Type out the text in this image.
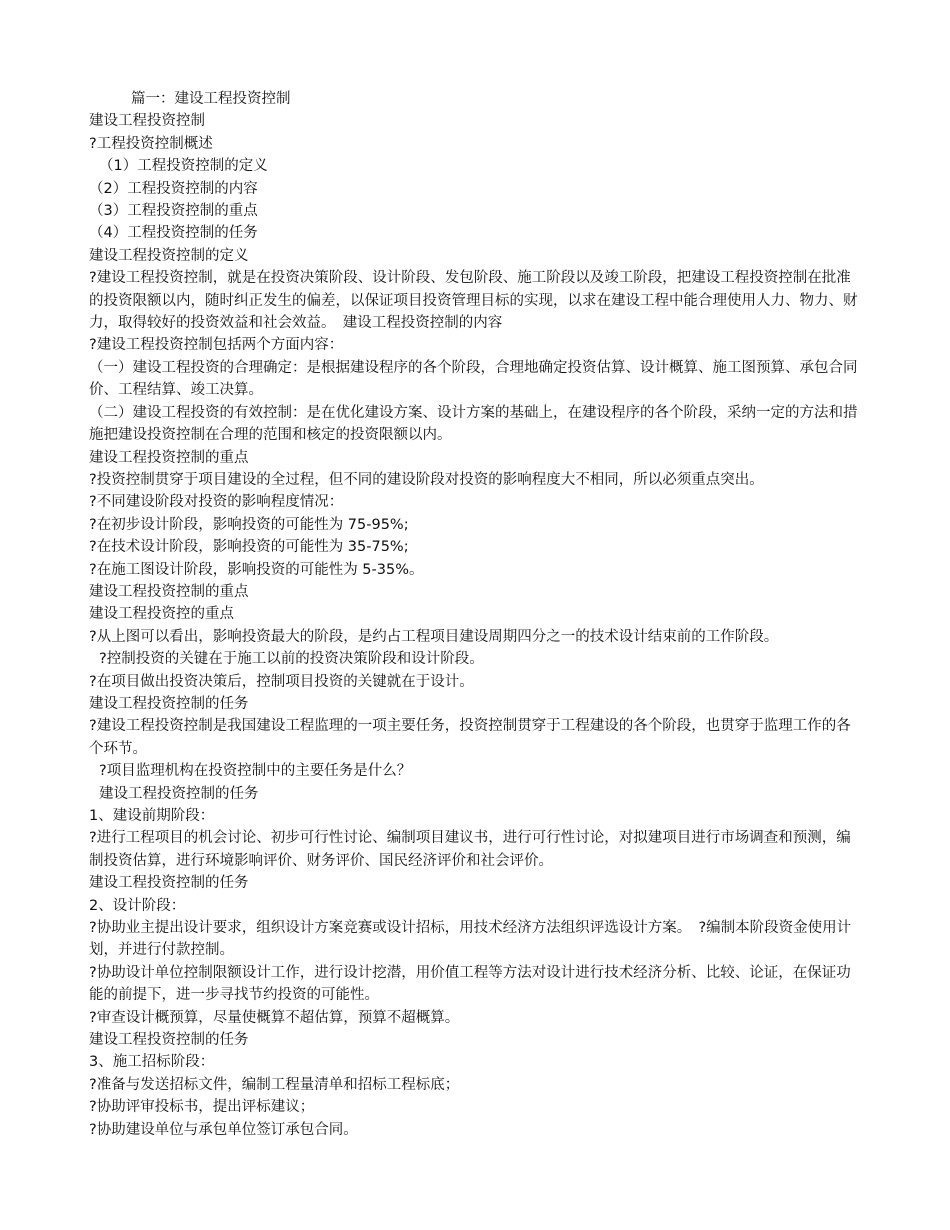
篇一：建设工程投资控制

建设工程投资控制

?工程投资控制概述

（1）工程投资控制的定义

（2）工程投资控制的内容

（3）工程投资控制的重点

（4）工程投资控制的任务

建设工程投资控制的定义

?建设工程投资控制，就是在投资决策阶段、设计阶段、发包阶段、施工阶段以及竣工阶段，把建设工程投资控制在批准的投资限额以内，随时纠正发生的偏差，以保证项目投资管理目标的实现，以求在建设工程中能合理使用人力、物力、财力，取得较好的投资效益和社会效益。　建设工程投资控制的内容

?建设工程投资控制包括两个方面内容：

（一）建设工程投资的合理确定：是根据建设程序的各个阶段，合理地确定投资估算、设计概算、施工图预算、承包合同价、工程结算、竣工决算。

（二）建设工程投资的有效控制：是在优化建设方案、设计方案的基础上，在建设程序的各个阶段，采纳一定的方法和措施把建设投资控制在合理的范围和核定的投资限额以内。

建设工程投资控制的重点

?投资控制贯穿于项目建设的全过程，但不同的建设阶段对投资的影响程度大不相同，所以必须重点突出。

?不同建设阶段对投资的影响程度情况：

?在初步设计阶段，影响投资的可能性为 75-95%;

?在技术设计阶段，影响投资的可能性为 35-75%;

?在施工图设计阶段，影响投资的可能性为 5-35%。

建设工程投资控制的重点

建设工程投资控的重点

?从上图可以看出，影响投资最大的阶段，是约占工程项目建设周期四分之一的技术设计结束前的工作阶段。

?控制投资的关键在于施工以前的投资决策阶段和设计阶段。

?在项目做出投资决策后，控制项目投资的关键就在于设计。

建设工程投资控制的任务

?建设工程投资控制是我国建设工程监理的一项主要任务，投资控制贯穿于工程建设的各个阶段，也贯穿于监理工作的各个环节。

?项目监理机构在投资控制中的主要任务是什么？

建设工程投资控制的任务

1、建设前期阶段：

?进行工程项目的机会讨论、初步可行性讨论、编制项目建议书，进行可行性讨论，对拟建项目进行市场调查和预测，编制投资估算，进行环境影响评价、财务评价、国民经济评价和社会评价。

建设工程投资控制的任务

2、设计阶段：

?协助业主提出设计要求，组织设计方案竞赛或设计招标，用技术经济方法组织评选设计方案。　?编制本阶段资金使用计划，并进行付款控制。

?协助设计单位控制限额设计工作，进行设计挖潜，用价值工程等方法对设计进行技术经济分析、比较、论证，在保证功能的前提下，进一步寻找节约投资的可能性。

?审查设计概预算，尽量使概算不超估算，预算不超概算。

建设工程投资控制的任务

3、施工招标阶段：

?准备与发送招标文件，编制工程量清单和招标工程标底；

?协助评审投标书，提出评标建议；

?协助建设单位与承包单位签订承包合同。
